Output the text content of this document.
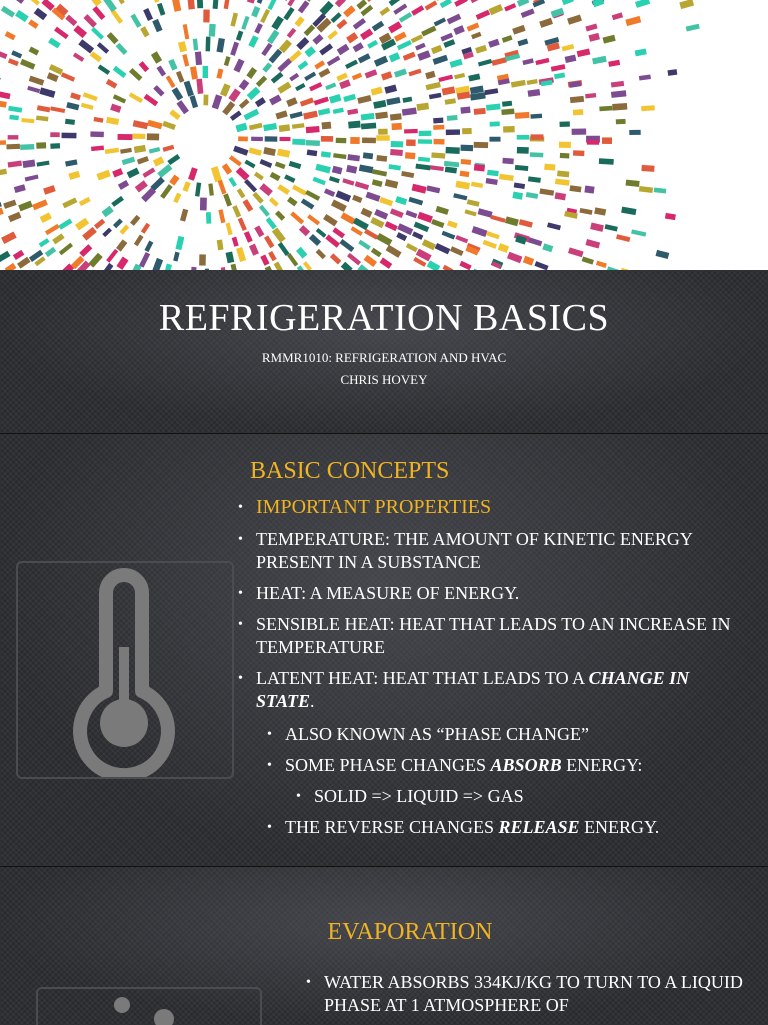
REFRIGERATION BASICS
RMMR1010: REFRIGERATION AND HVAC
CHRIS HOVEY
BASIC CONCEPTS
• IMPORTANT PROPERTIES
• TEMPERATURE: THE AMOUNT OF KINETIC ENERGY PRESENT IN A SUBSTANCE
• HEAT: A MEASURE OF ENERGY.
• SENSIBLE HEAT: HEAT THAT LEADS TO AN INCREASE IN TEMPERATURE
• LATENT HEAT: HEAT THAT LEADS TO A CHANGE IN STATE.
• ALSO KNOWN AS “PHASE CHANGE”
• SOME PHASE CHANGES ABSORB ENERGY:
• SOLID => LIQUID => GAS
• THE REVERSE CHANGES RELEASE ENERGY.
EVAPORATION
• WATER ABSORBS 334KJ/KG TO TURN TO A LIQUID PHASE AT 1 ATMOSPHERE OF
